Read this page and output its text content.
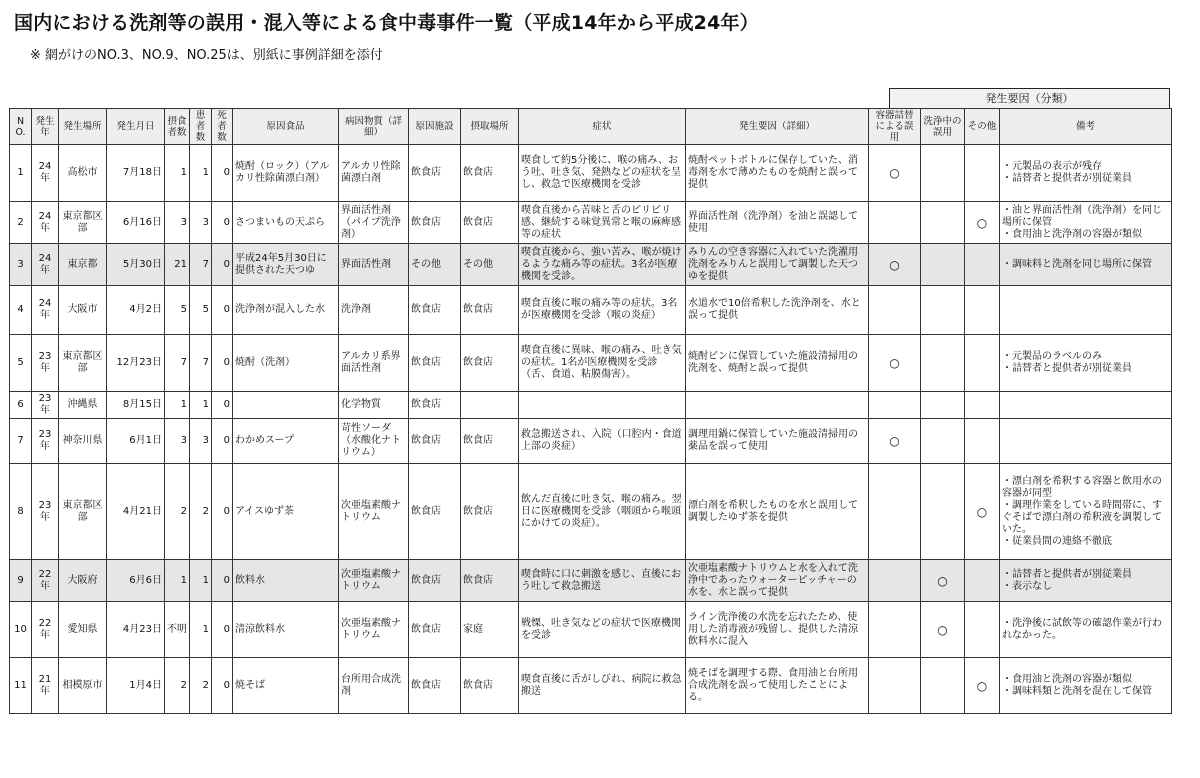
国内における洗剤等の誤用・混入等による食中毒事件一覧（平成14年から平成24年）
※ 網がけのNO.3、NO.9、NO.25は、別紙に事例詳細を添付
発生要因（分類）
NO.	発生年	発生場所	発生月日	摂食者数	患者数	死者数	原因食品	病因物質（詳細）	原因施設	摂取場所	症状	発生要因（詳細）	容器詰替による誤用	洗浄中の誤用	その他	備考
1	24年	高松市	7月18日	1	1	0	焼酎（ロック）（アルカリ性除菌漂白剤）	アルカリ性除菌漂白剤	飲食店	飲食店	喫食して約5分後に、喉の痛み、おう吐、吐き気、発熱などの症状を呈し、救急で医療機関を受診	焼酎ペットボトルに保存していた、消毒剤を水で薄めたものを焼酎と誤って提供	○			・元製品の表示が残存
・詰替者と提供者が別従業員
2	24年	東京都区部	6月16日	3	3	0	さつまいもの天ぷら	界面活性剤（パイプ洗浄剤）	飲食店	飲食店	喫食直後から苦味と舌のピリピリ感、継続する味覚異常と喉の麻痺感等の症状	界面活性剤（洗浄剤）を油と誤認して使用			○	・油と界面活性剤（洗浄剤）を同じ場所に保管
・食用油と洗浄剤の容器が類似
3	24年	東京都	5月30日	21	7	0	平成24年5月30日に提供された天つゆ	界面活性剤	その他	その他	喫食直後から、強い苦み、喉が焼けるような痛み等の症状。3名が医療機関を受診。	みりんの空き容器に入れていた洗濯用洗剤をみりんと誤用して調製した天つゆを提供	○			・調味料と洗剤を同じ場所に保管
4	24年	大阪市	4月2日	5	5	0	洗浄剤が混入した水	洗浄剤	飲食店	飲食店	喫食直後に喉の痛み等の症状。3名が医療機関を受診（喉の炎症）	水道水で10倍希釈した洗浄剤を、水と誤って提供				
5	23年	東京都区部	12月23日	7	7	0	焼酎（洗剤）	アルカリ系界面活性剤	飲食店	飲食店	喫食直後に異味、喉の痛み、吐き気の症状。1名が医療機関を受診（舌、食道、粘膜傷害）。	焼酎ビンに保管していた施設清掃用の洗剤を、焼酎と誤って提供	○			・元製品のラベルのみ
・詰替者と提供者が別従業員
6	23年	沖縄県	8月15日	1	1	0		化学物質	飲食店							
7	23年	神奈川県	6月1日	3	3	0	わかめスープ	苛性ソーダ（水酸化ナトリウム）	飲食店	飲食店	救急搬送され、入院（口腔内・食道上部の炎症）	調理用鍋に保管していた施設清掃用の薬品を誤って使用	○			
8	23年	東京都区部	4月21日	2	2	0	アイスゆず茶	次亜塩素酸ナトリウム	飲食店	飲食店	飲んだ直後に吐き気、喉の痛み。翌日に医療機関を受診（咽頭から喉頭にかけての炎症）。	漂白剤を希釈したものを水と誤用して調製したゆず茶を提供			○	・漂白剤を希釈する容器と飲用水の容器が同型
・調理作業をしている時間帯に、すぐそばで漂白剤の希釈液を調製していた。
・従業員間の連絡不徹底
9	22年	大阪府	6月6日	1	1	0	飲料水	次亜塩素酸ナトリウム	飲食店	飲食店	喫食時に口に刺激を感じ、直後におう吐して救急搬送	次亜塩素酸ナトリウムと水を入れて洗浄中であったウォーターピッチャーの水を、水と誤って提供		○		・詰替者と提供者が別従業員
・表示なし
10	22年	愛知県	4月23日	不明	1	0	清涼飲料水	次亜塩素酸ナトリウム	飲食店	家庭	戦慄、吐き気などの症状で医療機関を受診	ライン洗浄後の水洗を忘れたため、使用した消毒液が残留し、提供した清涼飲料水に混入		○		・洗浄後に試飲等の確認作業が行われなかった。
11	21年	相模原市	1月4日	2	2	0	焼そば	台所用合成洗剤	飲食店	飲食店	喫食直後に舌がしびれ、病院に救急搬送	焼そばを調理する際、食用油と台所用合成洗剤を誤って使用したことによる。			○	・食用油と洗剤の容器が類似
・調味料類と洗剤を混在して保管
